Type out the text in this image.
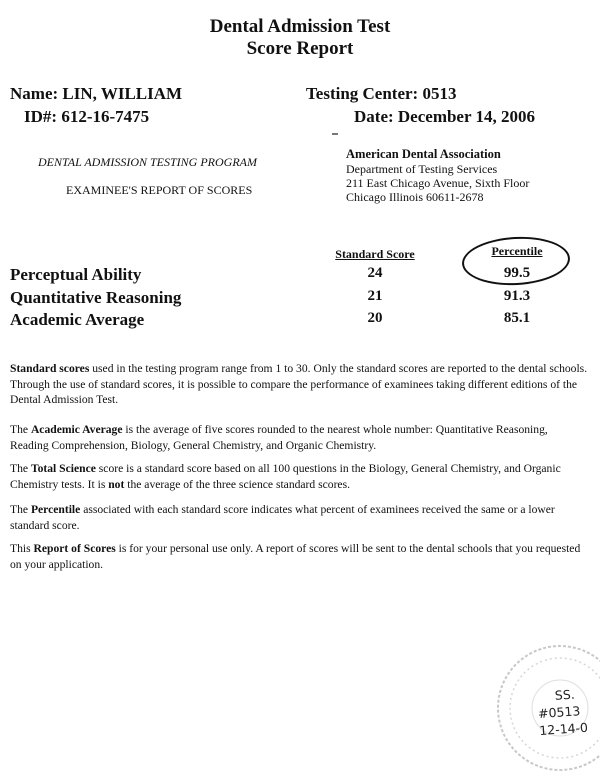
Dental Admission Test
Score Report
Name: LIN, WILLIAM
ID#: 612-16-7475
Testing Center: 0513
Date: December 14, 2006
DENTAL ADMISSION TESTING PROGRAM
EXAMINEE'S REPORT OF SCORES
American Dental Association
Department of Testing Services
211 East Chicago Avenue, Sixth Floor
Chicago Illinois 60611-2678
Standard Score	Percentile
Perceptual Ability	24	99.5
Quantitative Reasoning	21	91.3
Academic Average	20	85.1
Standard scores used in the testing program range from 1 to 30. Only the standard scores are reported to the dental schools. Through the use of standard scores, it is possible to compare the performance of examinees taking different editions of the Dental Admission Test.
The Academic Average is the average of five scores rounded to the nearest whole number: Quantitative Reasoning, Reading Comprehension, Biology, General Chemistry, and Organic Chemistry.
The Total Science score is a standard score based on all 100 questions in the Biology, General Chemistry, and Organic Chemistry tests. It is not the average of the three science standard scores.
The Percentile associated with each standard score indicates what percent of examinees received the same or a lower standard score.
This Report of Scores is for your personal use only. A report of scores will be sent to the dental schools that you requested on your application.
SS.
#0513
12-14-0
